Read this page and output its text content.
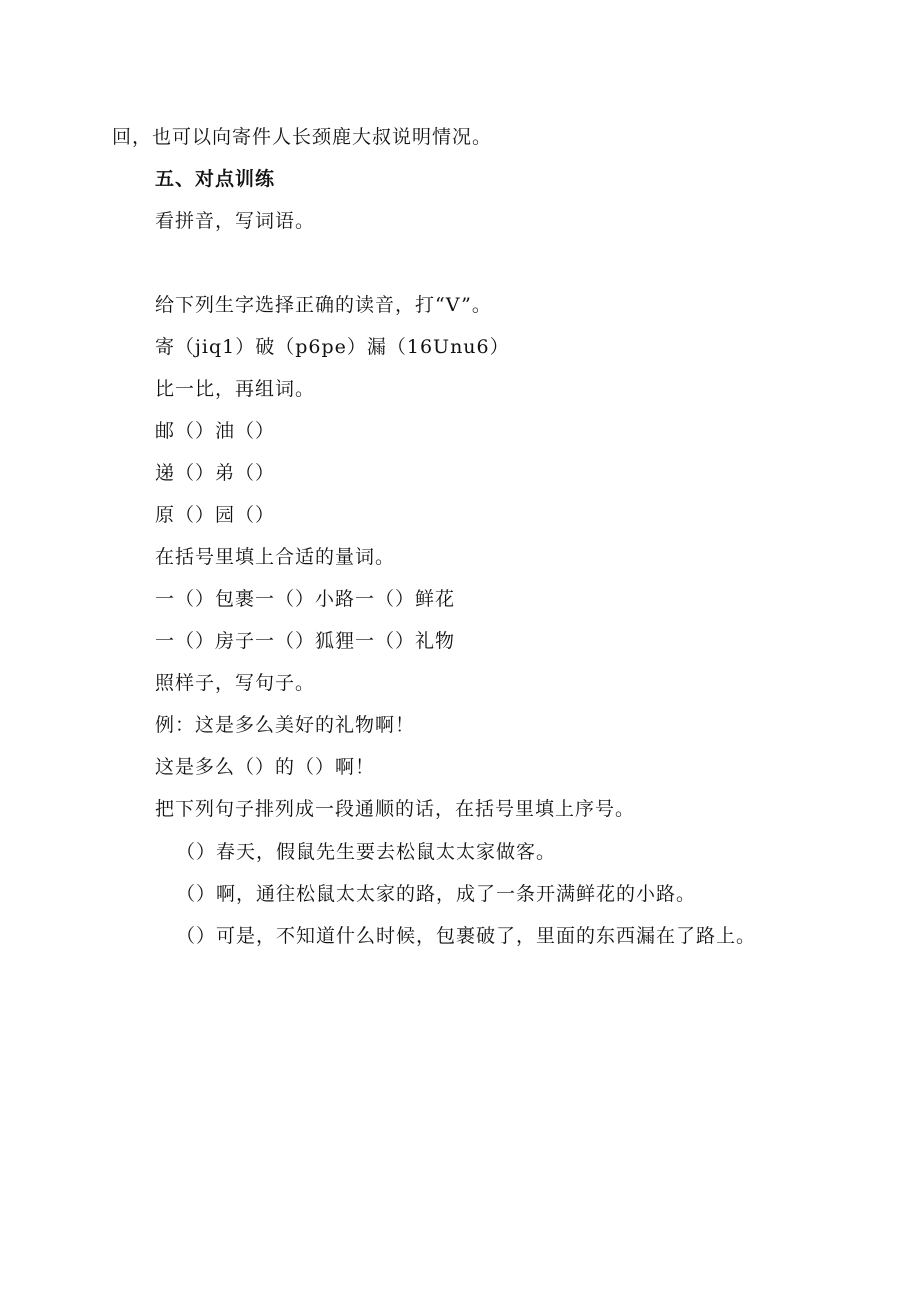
回，也可以向寄件人长颈鹿大叔说明情况。
五、对点训练
看拼音，写词语。
给下列生字选择正确的读音，打“V”。
寄（jiq1）破（p6pe）漏（16Unu6）
比一比，再组词。
邮（）油（）
递（）弟（）
原（）园（）
在括号里填上合适的量词。
一（）包裹一（）小路一（）鲜花
一（）房子一（）狐狸一（）礼物
照样子，写句子。
例：这是多么美好的礼物啊！
这是多么（）的（）啊！
把下列句子排列成一段通顺的话，在括号里填上序号。
（）春天，假鼠先生要去松鼠太太家做客。
（）啊，通往松鼠太太家的路，成了一条开满鲜花的小路。
（）可是，不知道什么时候，包裹破了，里面的东西漏在了路上。
